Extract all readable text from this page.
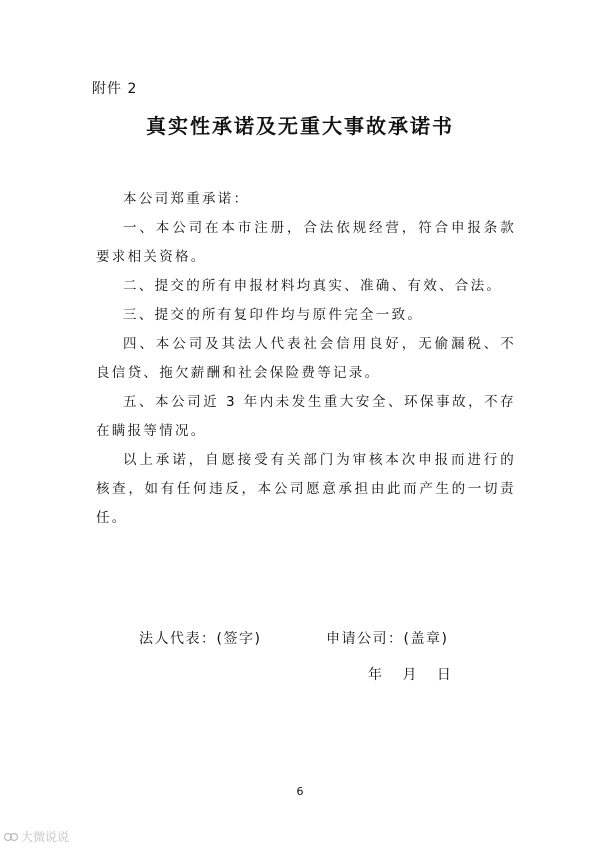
附件 2
真实性承诺及无重大事故承诺书

本公司郑重承诺：

一、本公司在本市注册，合法依规经营，符合申报条款要求相关资格。

二、提交的所有申报材料均真实、准确、有效、合法。

三、提交的所有复印件均与原件完全一致。

四、本公司及其法人代表社会信用良好，无偷漏税、不良信贷、拖欠薪酬和社会保险费等记录。

五、本公司近 3 年内未发生重大安全、环保事故，不存在瞒报等情况。

以上承诺，自愿接受有关部门为审核本次申报而进行的核查，如有任何违反，本公司愿意承担由此而产生的一切责任。

法人代表：(签字)	申请公司：(盖章)
年 月 日
6
大微说说
